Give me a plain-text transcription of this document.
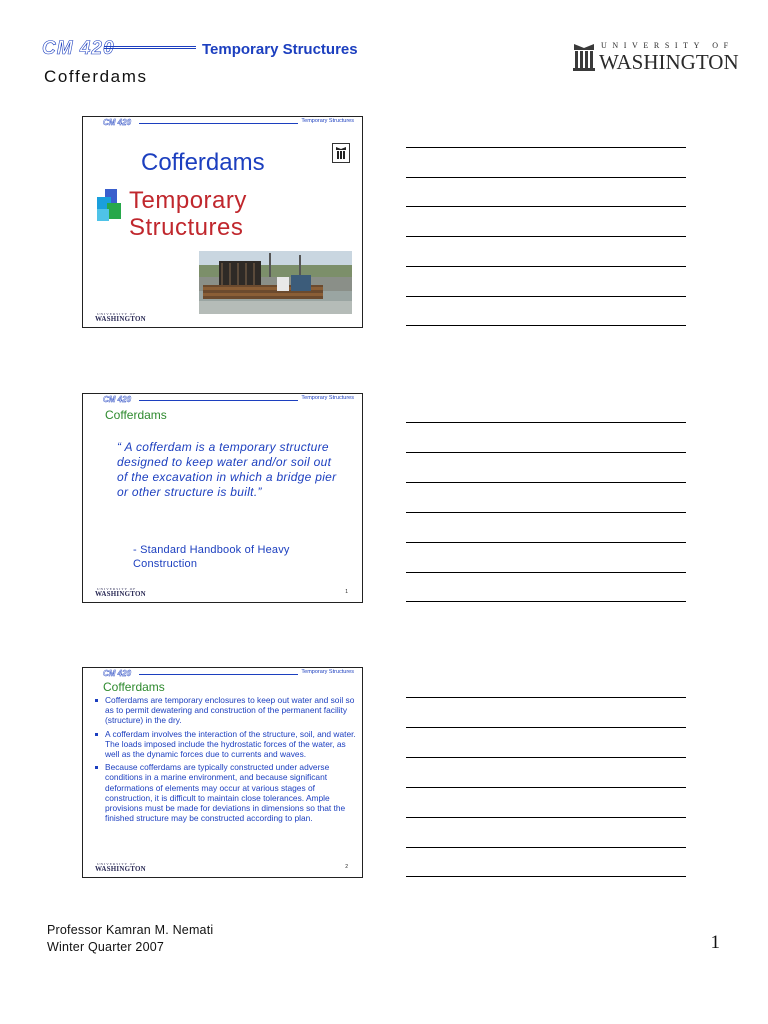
CM 420	Temporary Structures
Cofferdams
UNIVERSITY OF
WASHINGTON
CM 420	Temporary Structures
Cofferdams
Temporary
Structures
UNIVERSITY OF
WASHINGTON
CM 420	Temporary Structures
Cofferdams
“ A cofferdam is a temporary structure designed to keep water and/or soil out of the excavation in which a bridge pier or other structure is built.”
- Standard Handbook of Heavy Construction
UNIVERSITY OF
WASHINGTON	1
CM 420	Temporary Structures
Cofferdams
Cofferdams are temporary enclosures to keep out water and soil so as to permit dewatering and construction of the permanent facility (structure) in the dry.
A cofferdam involves the interaction of the structure, soil, and water. The loads imposed include the hydrostatic forces of the water, as well as the dynamic forces due to currents and waves.
Because cofferdams are typically constructed under adverse conditions in a marine environment, and because significant deformations of elements may occur at various stages of construction, it is difficult to maintain close tolerances. Ample provisions must be made for deviations in dimensions so that the finished structure may be constructed according to plan.
UNIVERSITY OF
WASHINGTON	2
Professor Kamran M. Nemati
Winter Quarter 2007	1
